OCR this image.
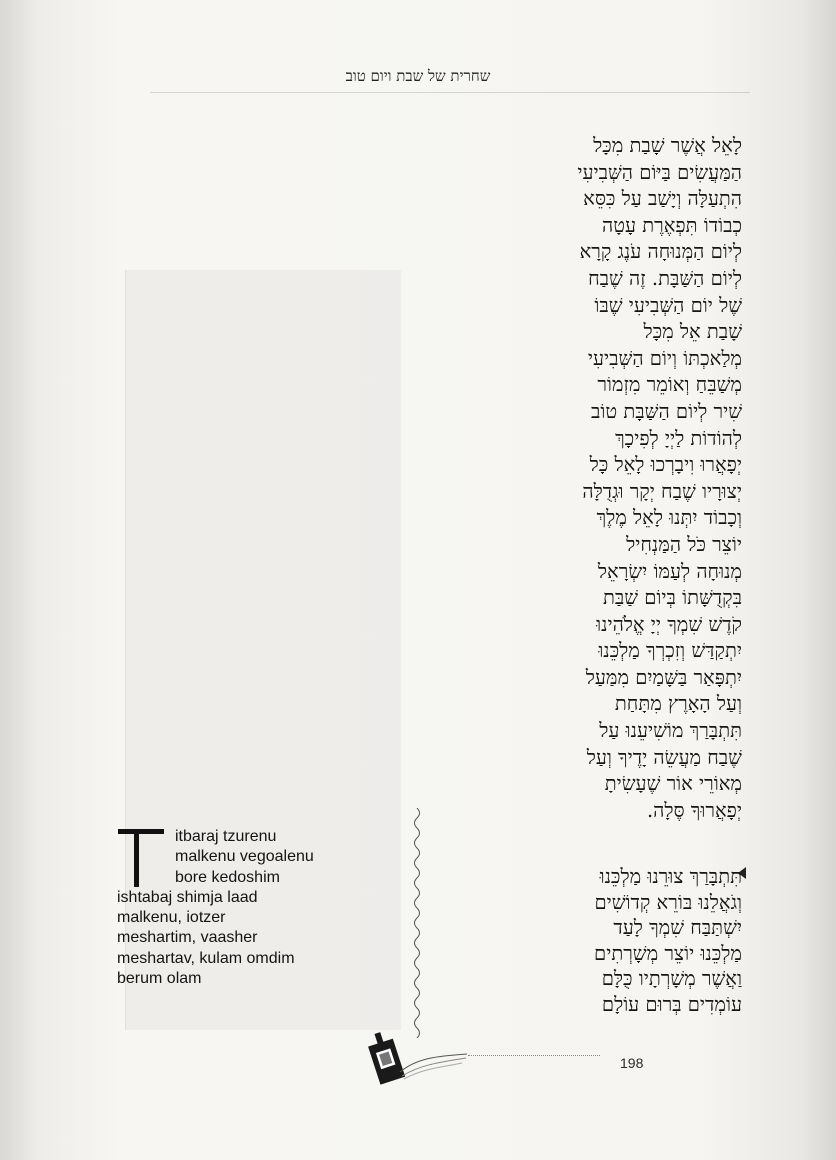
שחרית של שבת ויום טוב
לָאֵל אֲשֶׁר שָׁבַת מִכָּל
הַמַּעֲשִׂים בַּיּוֹם הַשְּׁבִיעִי
הִתְעַלָּה וְיָשַׁב עַל כִּסֵּא
כְבוֹדוֹ תִּפְאֶרֶת עָטָה
לְיוֹם הַמְּנוּחָה עֹנֶג קָרָא
לְיוֹם הַשַּׁבָּת. זֶה שֶׁבַח
שֶׁל יוֹם הַשְּׁבִיעִי שֶׁבּוֹ
שָׁבַת אֵל מִכָּל
מְלַאכְתּוֹ וְיוֹם הַשְּׁבִיעִי
מְשַׁבֵּחַ וְאוֹמֵר מִזְמוֹר
שִׁיר לְיוֹם הַשַּׁבָּת טוֹב
לְהוֹדוֹת לַיְיָ לְפִיכָךְ
יְפָאֲרוּ וִיבָרְכוּ לָאֵל כָּל
יְצוּרָיו שֶׁבַח יְקָר וּגְדֻלָּה
וְכָבוֹד יִתְּנוּ לָאֵל מֶלֶךְ
יוֹצֵר כֹּל הַמַּנְחִיל
מְנוּחָה לְעַמּוֹ יִשְׂרָאֵל
בִּקְדֻשָּׁתוֹ בְּיוֹם שַׁבַּת
קֹדֶשׁ שִׁמְךָ יְיָ אֱלֹהֵינוּ
יִתְקַדַּשׁ וְזִכְרְךָ מַלְכֵּנוּ
יִתְפָּאַר בַּשָּׁמַיִם מִמַּעַל
וְעַל הָאָרֶץ מִתָּחַת
תִּתְבָּרַךְ מוֹשִׁיעֵנוּ עַל
שֶׁבַח מַעֲשֵׂה יָדֶיךָ וְעַל
מְאוֹרֵי אוֹר שֶׁעָשִׂיתָ
יְפָאֲרוּךָ סֶּלָה.
תִּתְבָּרַךְ צוּרֵנוּ מַלְכֵּנוּ
וְגֹאֲלֵנוּ בּוֹרֵא קְדוֹשִׁים
יִשְׁתַּבַּח שִׁמְךָ לָעַד
מַלְכֵּנוּ יוֹצֵר מְשָׁרְתִים
וַאֲשֶׁר מְשָׁרְתָיו כֻּלָּם
עוֹמְדִים בְּרוּם עוֹלָם
itbaraj tzurenu
malkenu vegoalenu
bore kedoshim
ishtabaj shimja laad
malkenu, iotzer
meshartim, vaasher
meshartav, kulam omdim
berum olam
198
